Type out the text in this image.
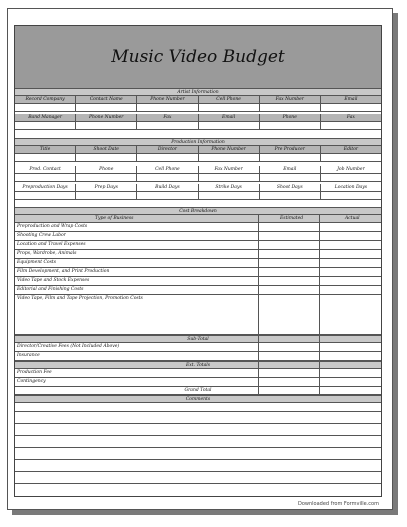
Music Video Budget
Artist Information
Record Company	Contact Name	Phone Number	Cell Phone	Fax Number	Email
Band Manager	Phone Number	Fax	Email	Phone	Fax
Production Information
Title	Shoot Date	Director	Phone Number	Pre Producer	Editor
Prod. Contact	Phone	Cell Phone	Fax Number	Email	Job Number
Preproduction Days	Prep Days	Build Days	Strike Days	Shoot Days	Location Days
Cost Breakdown
Type of Business	Estimated	Actual
Preproduction and Wrap Costs
Shooting Crew Labor
Location and Travel Expenses
Props, Wardrobe, Animals
Equipment Costs
Film Development, and Print Production
Video Tape and Stock Expenses
Editorial and Finishing Costs
Video Tape, Film and Tape Projection, Promotion Costs
Sub-Total
Director/Creative Fees (Not Included Above)
Insurance
Ext. Totals
Production Fee
Contingency
Grand Total
Comments
Downloaded from Formville.com
